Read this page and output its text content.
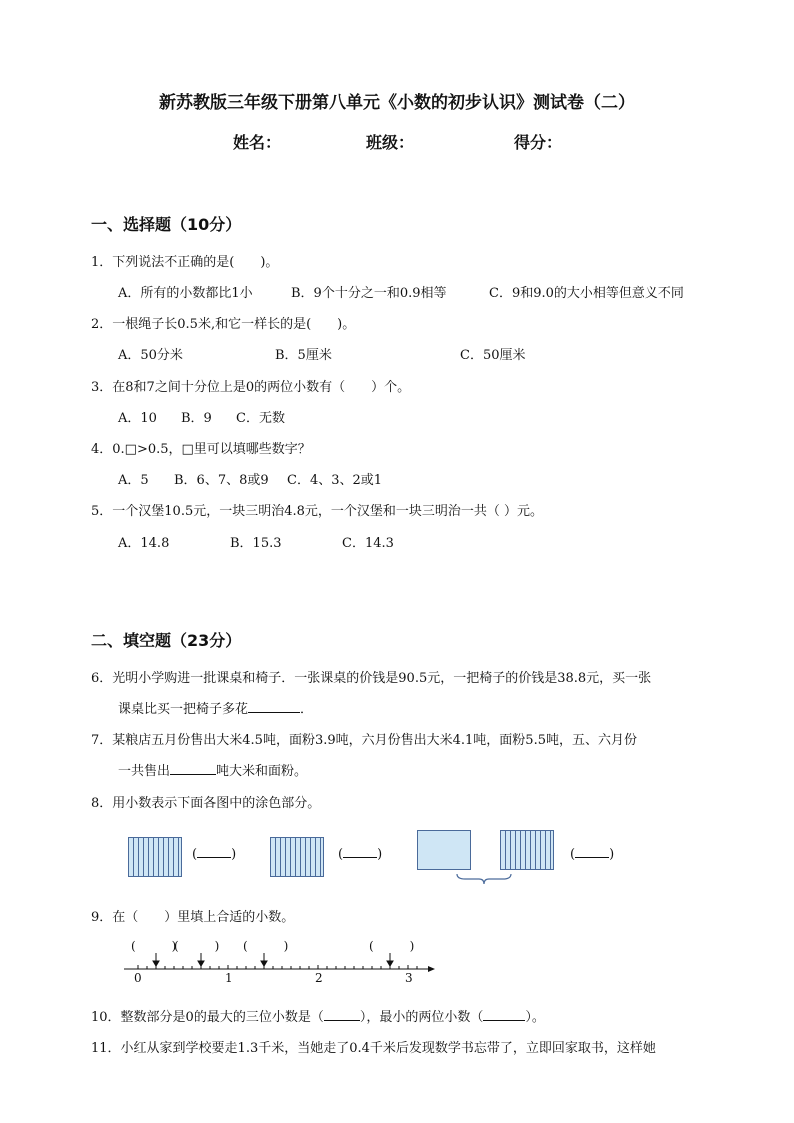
新苏教版三年级下册第八单元《小数的初步认识》测试卷（二）
姓名：	班级：	得分：
一、选择题（10分）
1．下列说法不正确的是(　　)。
A．所有的小数都比1小	B．9个十分之一和0.9相等	C．9和9.0的大小相等但意义不同
2．一根绳子长0.5米,和它一样长的是(　　)。
A．50分米	B．5厘米	C．50厘米
3．在8和7之间十分位上是0的两位小数有（　　）个。
A．10 B．9 C．无数
4．0.□>0.5，□里可以填哪些数字？
A．5 B．6、7、8或9 C．4、3、2或1
5．一个汉堡10.5元，一块三明治4.8元，一个汉堡和一块三明治一共（ ）元。
A．14.8	B．15.3	C．14.3
二、填空题（23分）
6．光明小学购进一批课桌和椅子．一张课桌的价钱是90.5元，一把椅子的价钱是38.8元，买一张
课桌比买一把椅子多花	．
7．某粮店五月份售出大米4.5吨，面粉3.9吨，六月份售出大米4.1吨，面粉5.5吨，五、六月份
一共售出	吨大米和面粉。
8．用小数表示下面各图中的涂色部分。
(	)	(	)	(	)
9．在（　　）里填上合适的小数。
(　　　)
(　　　) (　　　)	(　　　)
0	1	2	3
10．整数部分是0的最大的三位小数是（	），最小的两位小数（	）。
11．小红从家到学校要走1.3千米，当她走了0.4千米后发现数学书忘带了，立即回家取书，这样她
